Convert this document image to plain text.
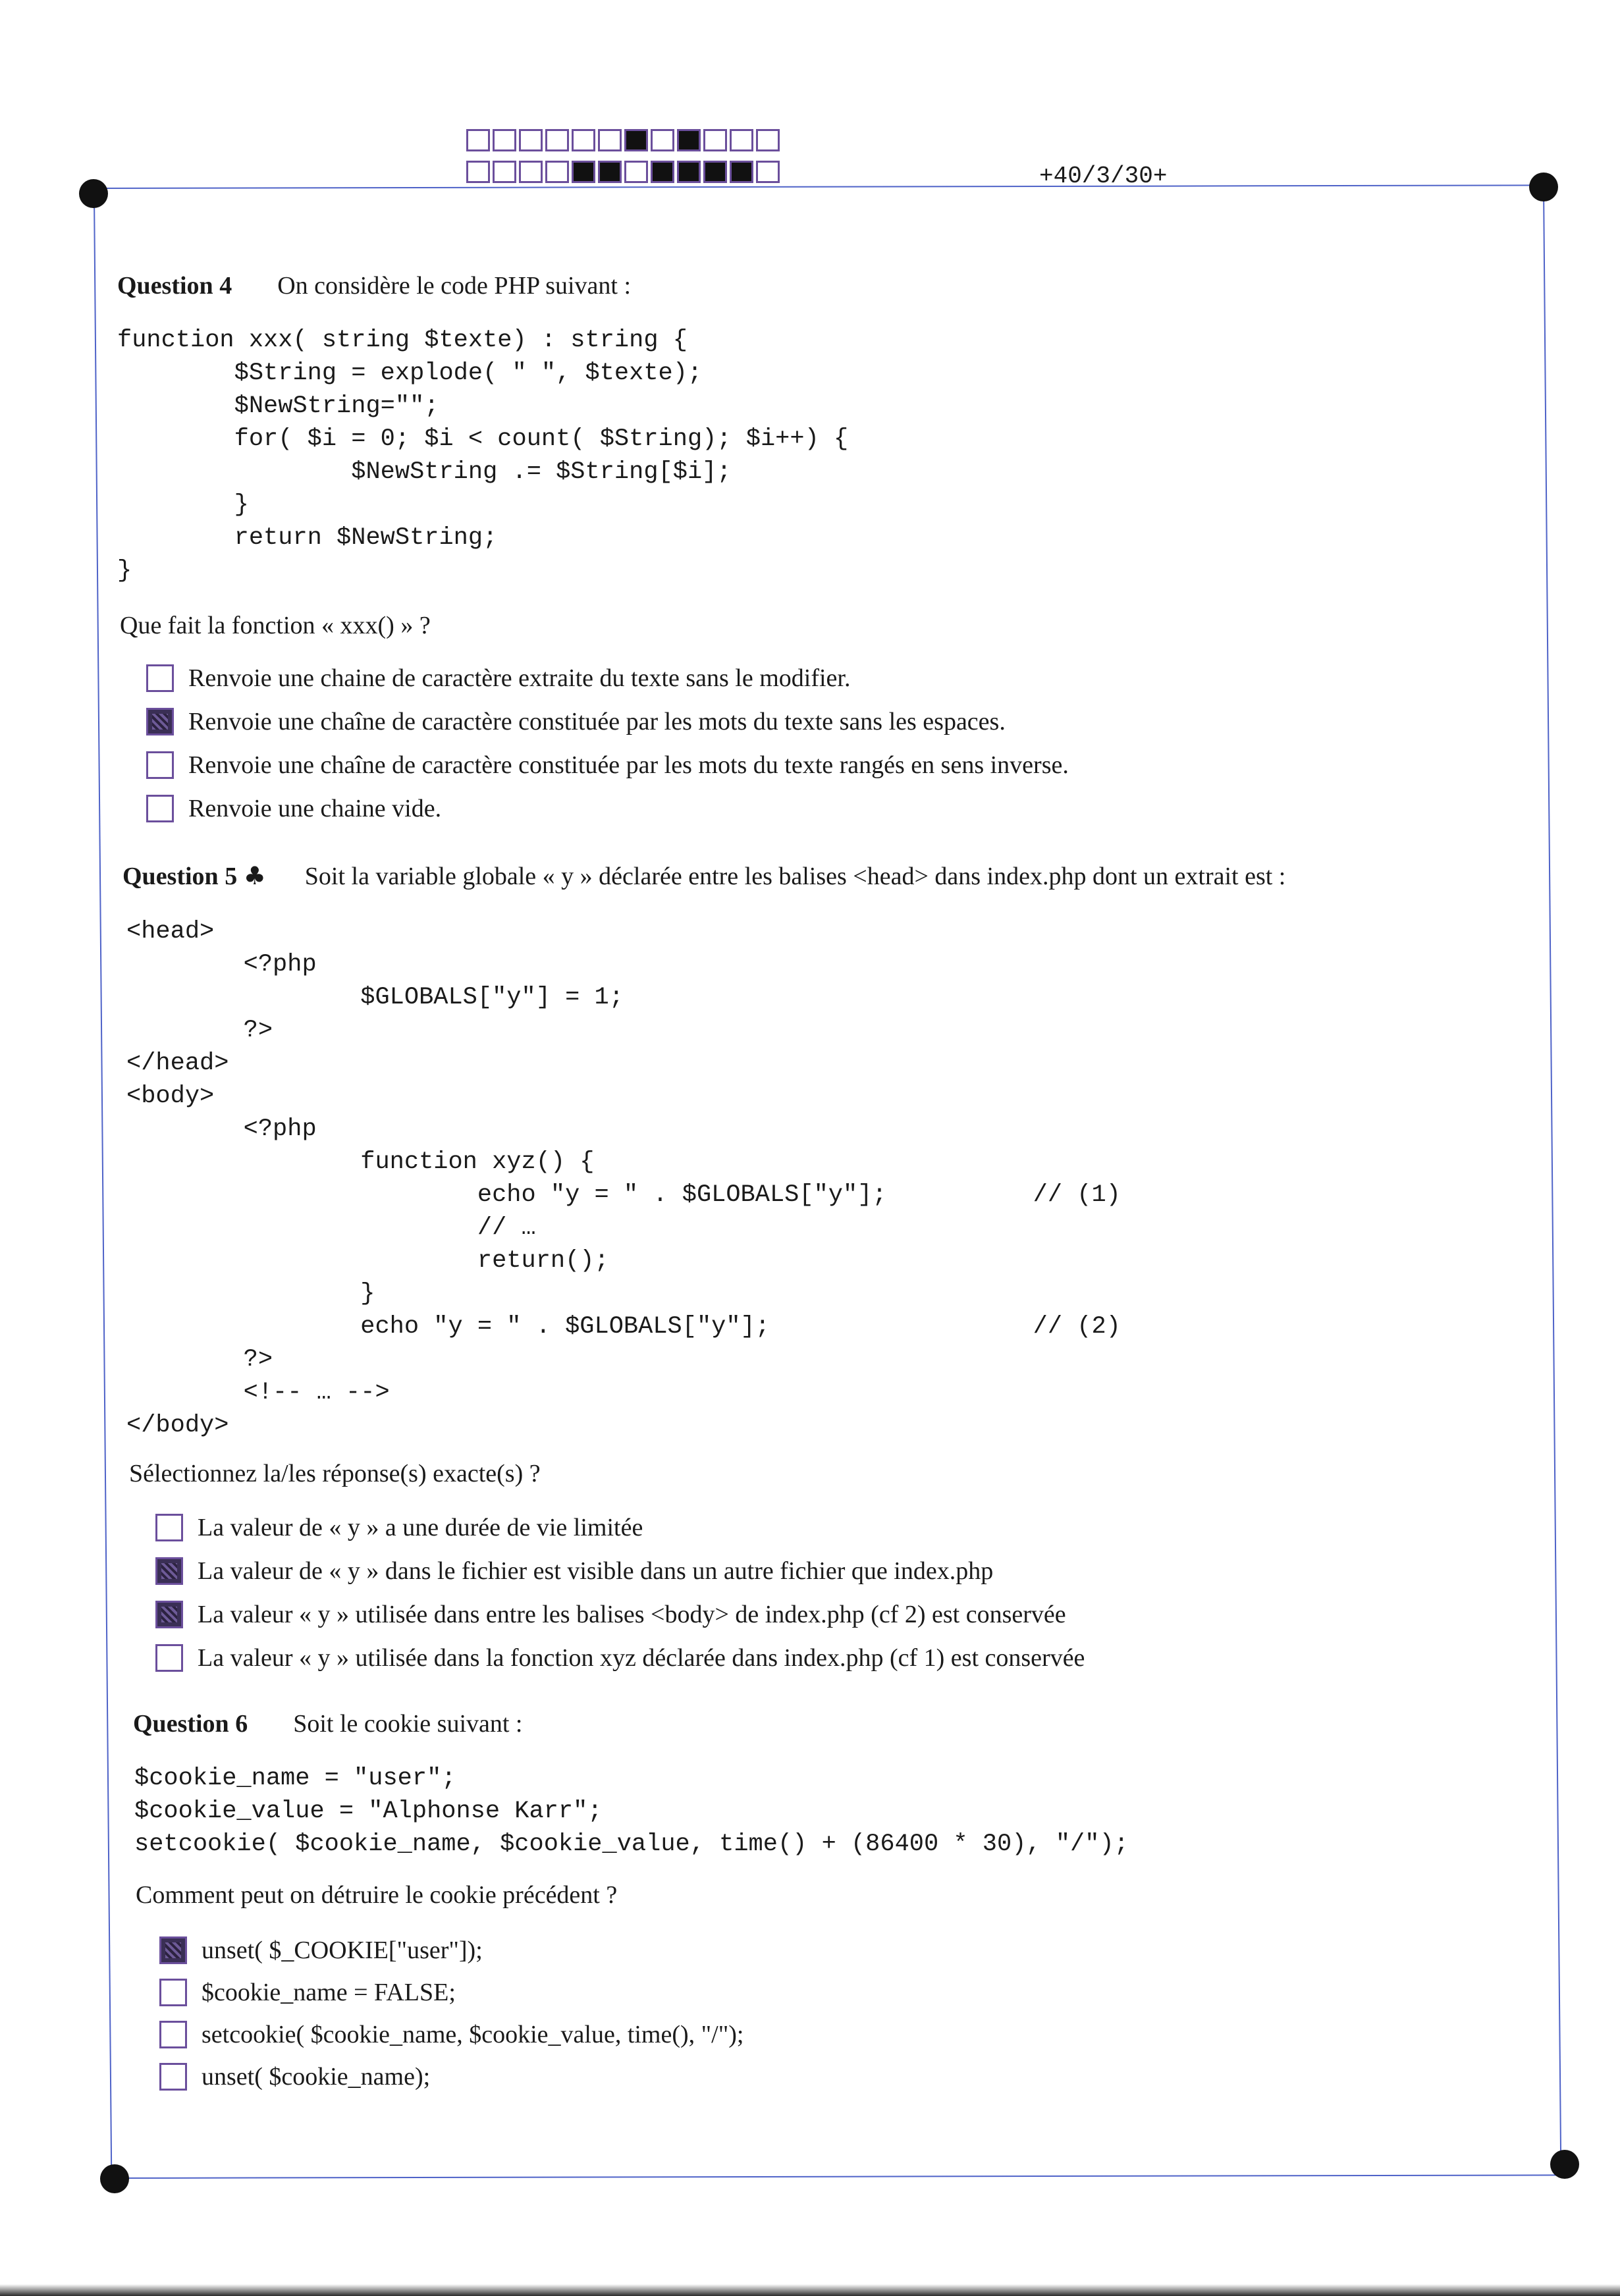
+40/3/30+
Question 4 On considère le code PHP suivant :
function xxx( string $texte) : string {
$String = explode( " ", $texte);
$NewString="";
for( $i = 0; $i < count( $String); $i++) {
$NewString .= $String[$i];
}
return $NewString;
}
Que fait la fonction « xxx() » ?
Renvoie une chaine de caractère extraite du texte sans le modifier.
Renvoie une chaîne de caractère constituée par les mots du texte sans les espaces.
Renvoie une chaîne de caractère constituée par les mots du texte rangés en sens inverse.
Renvoie une chaine vide.
Question 5 ♣ Soit la variable globale « y » déclarée entre les balises <head> dans index.php dont un extrait est :
<head>
<?php
$GLOBALS["y"] = 1;
?>
</head>
<body>
<?php
function xyz() {
echo "y = " . $GLOBALS["y"];          // (1)
// …
return();
}
echo "y = " . $GLOBALS["y"];                  // (2)
?>
<!-- … -->
</body>
Sélectionnez la/les réponse(s) exacte(s) ?
La valeur de « y » a une durée de vie limitée
La valeur de « y » dans le fichier est visible dans un autre fichier que index.php
La valeur « y » utilisée dans entre les balises <body> de index.php (cf 2) est conservée
La valeur « y » utilisée dans la fonction xyz déclarée dans index.php (cf 1) est conservée
Question 6 Soit le cookie suivant :
$cookie_name = "user";
$cookie_value = "Alphonse Karr";
setcookie( $cookie_name, $cookie_value, time() + (86400 * 30), "/");
Comment peut on détruire le cookie précédent ?
unset( $_COOKIE["user"]);
$cookie_name = FALSE;
setcookie( $cookie_name, $cookie_value, time(), "/");
unset( $cookie_name);
